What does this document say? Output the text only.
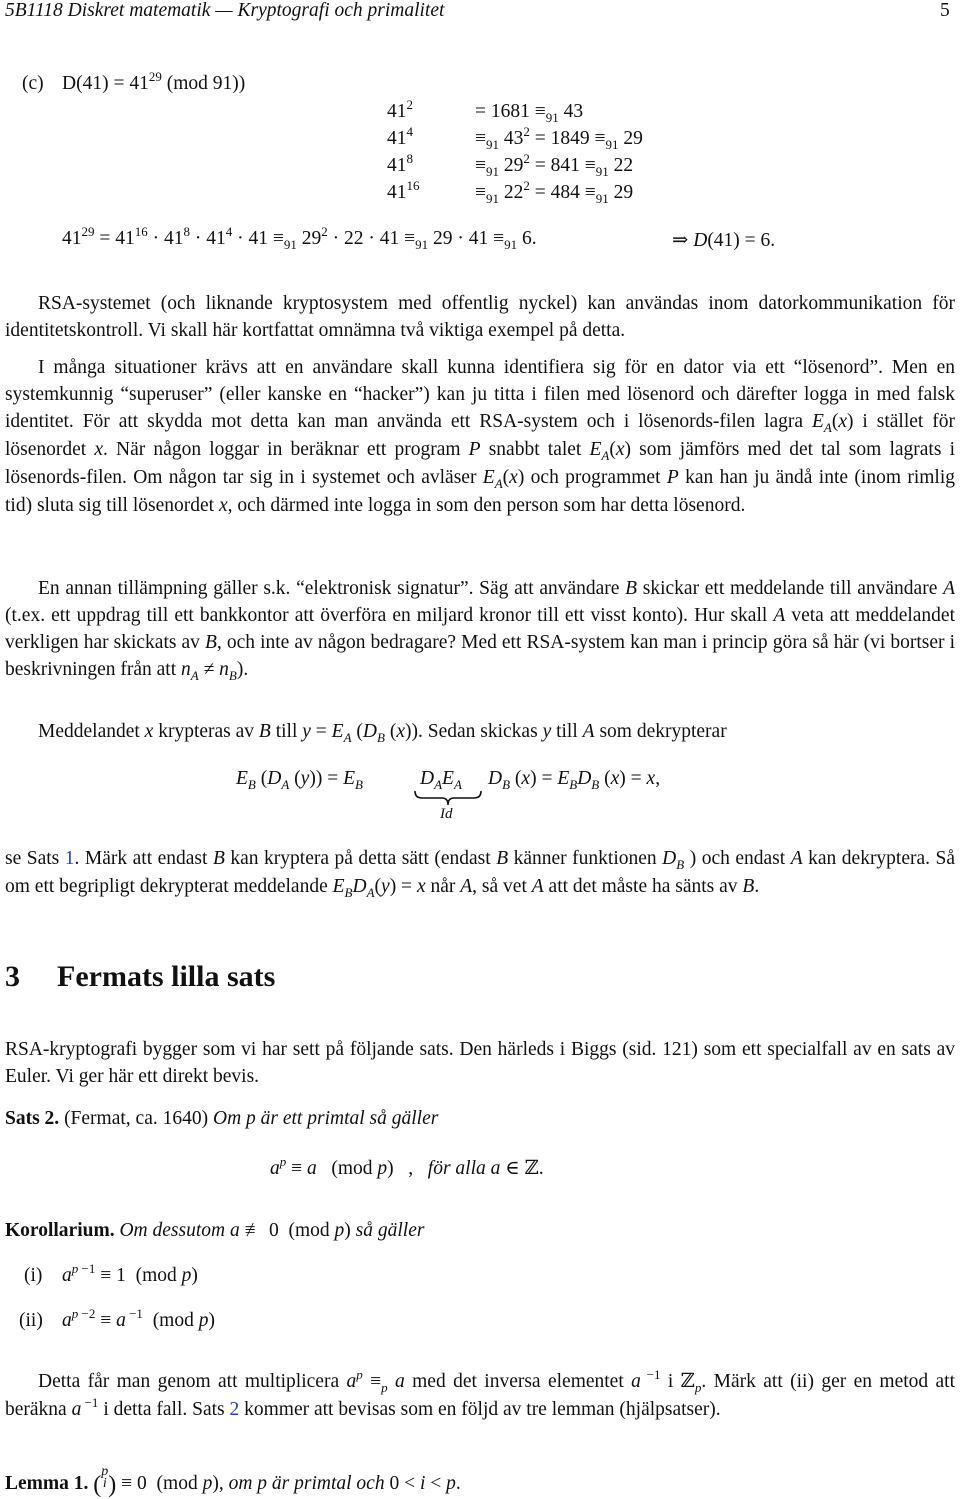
5B1118 Diskret matematik — Kryptografi och primalitet	5
(c) $D(41) = 41^{29}$ (mod 91))
$41^2$	= $1681 \equiv_{91}$ 43
$41^4$	$\equiv_{91}$ $43^2 = 1849 \equiv_{91}$ 29
$41^8$	$\equiv_{91}$ $29^2 = 841 \equiv_{91}$ 22
$41^{16}$	$\equiv_{91}$ $22^2 = 484 \equiv_{91}$ 29
$41^{29} = 41^{16} \cdot 41^8 \cdot 41^4 \cdot 41 \equiv_{91}$ $29^2 \cdot 22 \cdot 41 \equiv_{91}$ $29 \cdot 41 \equiv_{91}$ 6.	⇒ D(41) = 6.
RSA-systemet (och liknande kryptosystem med offentlig nyckel) kan användas inom datorkommunikation för identitetskontroll. Vi skall här kortfattat omnämna två viktiga exempel på detta.
I många situationer krävs att en användare skall kunna identifiera sig för en dator via ett “lösenord”. Men en systemkunnig “superuser” (eller kanske en “hacker”) kan ju titta i filen med lösenord och därefter logga in med falsk identitet. För att skydda mot detta kan man använda ett RSA-system och i lösenords-filen lagra $E_A(x)$ i stället för lösenordet x. När någon loggar in beräknar ett program P snabbt talet $E_A(x)$ som jämförs med det tal som lagrats i lösenords-filen. Om någon tar sig in i systemet och avläser $E_A(x)$ och programmet P kan han ju ändå inte (inom rimlig tid) sluta sig till lösenordet x, och därmed inte logga in som den person som har detta lösenord.
En annan tillämpning gäller s.k. “elektronisk signatur”. Säg att användare B skickar ett meddelande till användare A (t.ex. ett uppdrag till ett bankkontor att överföra en miljard kronor till ett visst konto). Hur skall A veta att meddelandet verkligen har skickats av B, och inte av någon bedragare? Med ett RSA-system kan man i princip göra så här (vi bortser i beskrivningen från att $n_A \ne n_B$).
Meddelandet x krypteras av B till $y = E_A$ ($D_B$ (x)). Sedan skickas y till A som dekrypterar
$E_B$ ($D_A$ $(y)) = E_B$	$D_AE_A$
Id
$D_B$ $(x) = E_BD_B$ (x) = x,
se Sats 1. Märk att endast B kan kryptera på detta sätt (endast B känner funktionen $D_B$ ) och endast A kan dekryptera. Så om ett begripligt dekrypterat meddelande $E_BD_A(y) = x$ når A, så vet A att det måste ha sänts av B.
3 Fermats lilla sats
RSA-kryptografi bygger som vi har sett på följande sats. Den härleds i Biggs (sid. 121) som ett specialfall av en sats av Euler. Vi ger här ett direkt bevis.
Sats 2. (Fermat, ca. 1640) Om p är ett primtal så gäller
$a^p \equiv a$   (mod p)   ,   för alla a ∈ ℤ.
Korollarium. Om dessutom a ≢ 0  (mod p) så gäller
(i) $a^{p -1} \equiv 1$  (mod p)
(ii) $a^{p -2} \equiv a$ $^{-1}$  (mod p)
Detta får man genom att multiplicera $a^p \equiv_p$ a med det inversa elementet a $^{-1}$ i ℤ$_p$. Märk att (ii) ger en metod att beräkna a $^{-1}$ i detta fall. Sats 2 kommer att bevisas som en följd av tre lemman (hjälpsatser).
Lemma 1. (p
i) ≡ 0  (mod p), om p är primtal och 0 < i < p.
